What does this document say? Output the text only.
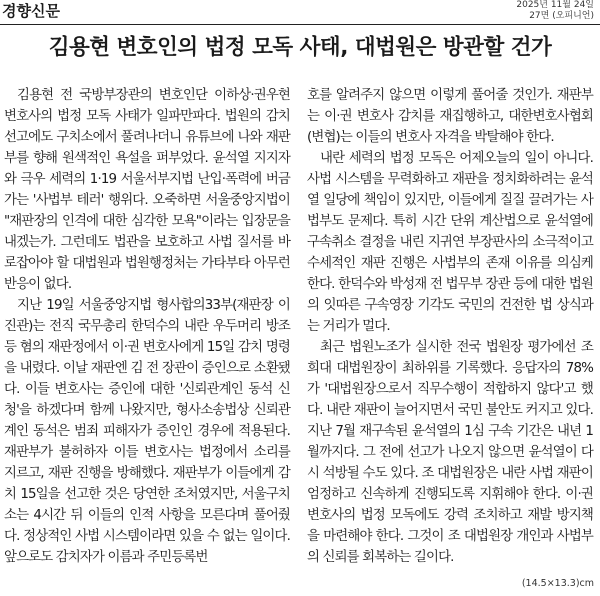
경향신문	2025년 11월 24일
27면 (오피니언)
김용현 변호인의 법정 모독 사태, 대법원은 방관할 건가

김용현 전 국방부장관의 변호인단 이하상·권우현 변호사의 법정 모독 사태가 일파만파다. 법원의 감치 선고에도 구치소에서 풀려나더니 유튜브에 나와 재판부를 향해 원색적인 욕설을 퍼부었다. 윤석열 지지자와 극우 세력의 1·19 서울서부지법 난입·폭력에 버금가는 '사법부 테러' 행위다. 오죽하면 서울중앙지법이 "재판장의 인격에 대한 심각한 모욕"이라는 입장문을 내겠는가. 그런데도 법관을 보호하고 사법 질서를 바로잡아야 할 대법원과 법원행정처는 가타부타 아무런 반응이 없다.

지난 19일 서울중앙지법 형사합의33부(재판장 이진관)는 전직 국무총리 한덕수의 내란 우두머리 방조 등 혐의 재판정에서 이·권 변호사에게 15일 감치 명령을 내렸다. 이날 재판엔 김 전 장관이 증인으로 소환됐다. 이들 변호사는 증인에 대한 '신뢰관계인 동석 신청'을 하겠다며 함께 나왔지만, 형사소송법상 신뢰관계인 동석은 범죄 피해자가 증인인 경우에 적용된다. 재판부가 불허하자 이들 변호사는 법정에서 소리를 지르고, 재판 진행을 방해했다. 재판부가 이들에게 감치 15일을 선고한 것은 당연한 조처였지만, 서울구치소는 4시간 뒤 이들의 인적 사항을 모른다며 풀어줬다. 정상적인 사법 시스템이라면 있을 수 없는 일이다. 앞으로도 감치자가 이름과 주민등록번

호를 알려주지 않으면 이렇게 풀어줄 것인가. 재판부는 이·권 변호사 감치를 재집행하고, 대한변호사협회(변협)는 이들의 변호사 자격을 박탈해야 한다.

내란 세력의 법정 모독은 어제오늘의 일이 아니다. 사법 시스템을 무력화하고 재판을 정치화하려는 윤석열 일당에 책임이 있지만, 이들에게 질질 끌려가는 사법부도 문제다. 특히 시간 단위 계산법으로 윤석열에 구속취소 결정을 내린 지귀연 부장판사의 소극적이고 수세적인 재판 진행은 사법부의 존재 이유를 의심케 한다. 한덕수와 박성재 전 법무부 장관 등에 대한 법원의 잇따른 구속영장 기각도 국민의 건전한 법 상식과는 거리가 멀다.

최근 법원노조가 실시한 전국 법원장 평가에선 조희대 대법원장이 최하위를 기록했다. 응답자의 78%가 '대법원장으로서 직무수행이 적합하지 않다'고 했다. 내란 재판이 늘어지면서 국민 불안도 커지고 있다. 지난 7월 재구속된 윤석열의 1심 구속 기간은 내년 1월까지다. 그 전에 선고가 나오지 않으면 윤석열이 다시 석방될 수도 있다. 조 대법원장은 내란 사법 재판이 엄정하고 신속하게 진행되도록 지휘해야 한다. 이·권 변호사의 법정 모독에도 강력 조치하고 재발 방지책을 마련해야 한다. 그것이 조 대법원장 개인과 사법부의 신뢰를 회복하는 길이다.

(14.5×13.3)cm
